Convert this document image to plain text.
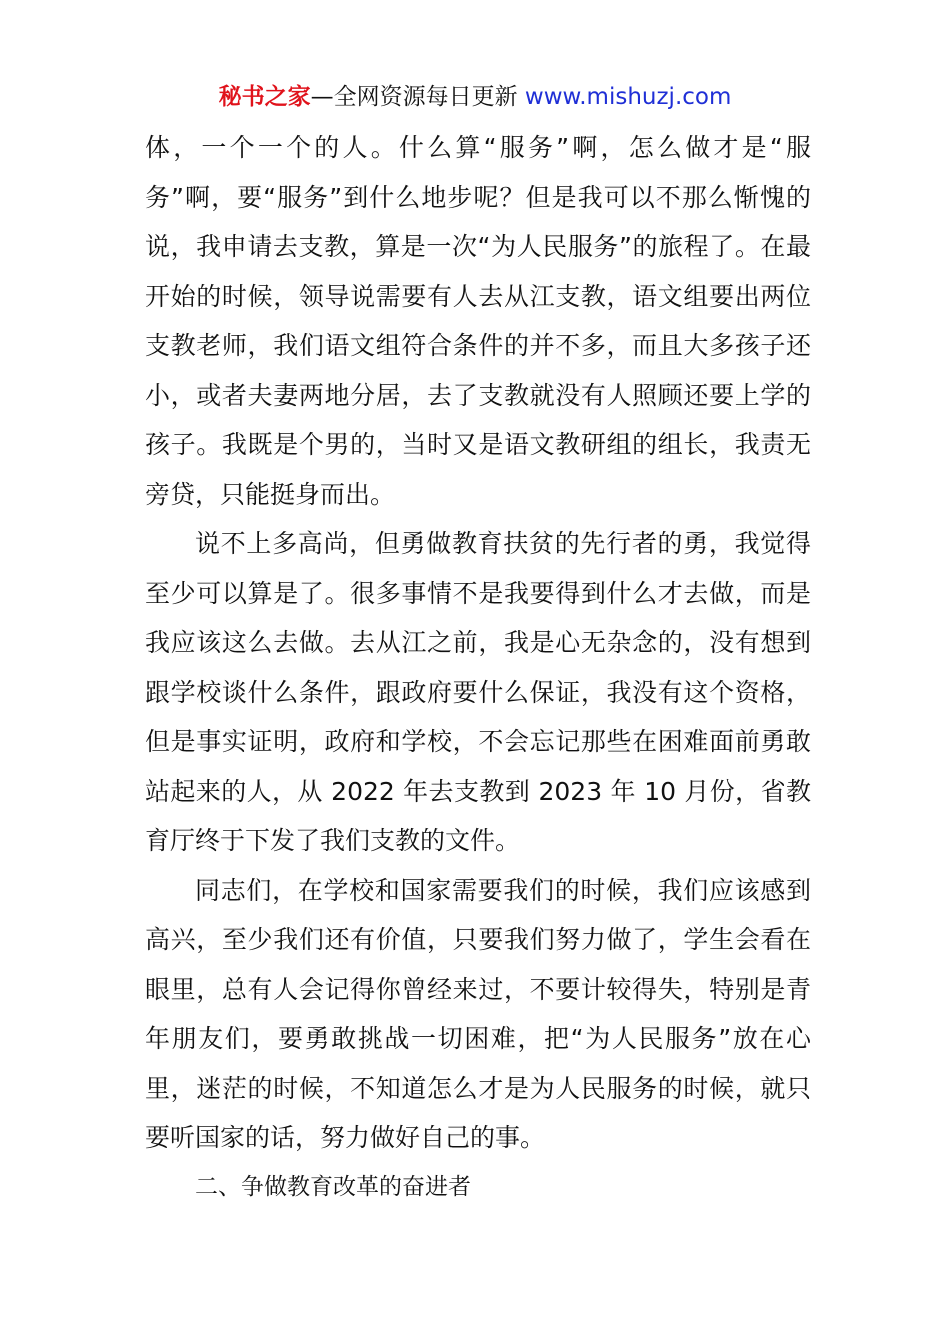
秘书之家—全网资源每日更新 www.mishuzj.com

体，一个一个的人。什么算“服务”啊，怎么做才是“服务”啊，要“服务”到什么地步呢？但是我可以不那么惭愧的说，我申请去支教，算是一次“为人民服务”的旅程了。在最开始的时候，领导说需要有人去从江支教，语文组要出两位支教老师，我们语文组符合条件的并不多，而且大多孩子还小，或者夫妻两地分居，去了支教就没有人照顾还要上学的孩子。我既是个男的，当时又是语文教研组的组长，我责无旁贷，只能挺身而出。

说不上多高尚，但勇做教育扶贫的先行者的勇，我觉得至少可以算是了。很多事情不是我要得到什么才去做，而是我应该这么去做。去从江之前，我是心无杂念的，没有想到跟学校谈什么条件，跟政府要什么保证，我没有这个资格，但是事实证明，政府和学校，不会忘记那些在困难面前勇敢站起来的人，从 2022 年去支教到 2023 年 10 月份，省教育厅终于下发了我们支教的文件。

同志们，在学校和国家需要我们的时候，我们应该感到高兴，至少我们还有价值，只要我们努力做了，学生会看在眼里，总有人会记得你曾经来过，不要计较得失，特别是青年朋友们，要勇敢挑战一切困难，把“为人民服务”放在心里，迷茫的时候，不知道怎么才是为人民服务的时候，就只要听国家的话，努力做好自己的事。

二、争做教育改革的奋进者
